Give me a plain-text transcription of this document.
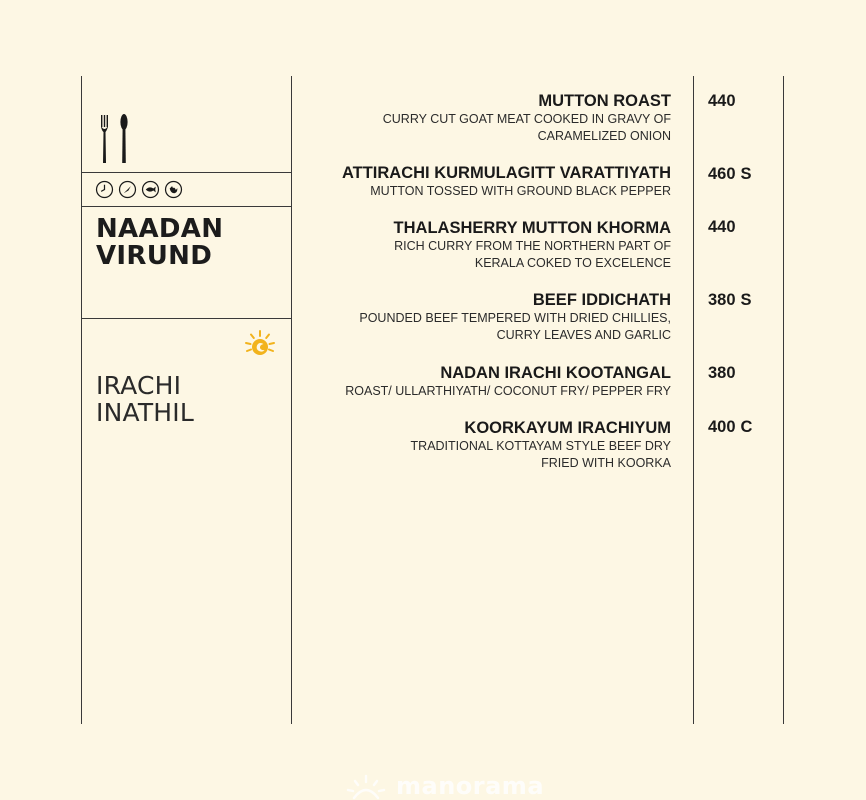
NAADAN
VIRUND
IRACHI
INATHIL
MUTTON ROAST
CURRY CUT GOAT MEAT COOKED IN GRAVY OF
CARAMELIZED ONION
440
ATTIRACHI KURMULAGITT VARATTIYATH
MUTTON TOSSED WITH GROUND BLACK PEPPER
460 S
THALASHERRY MUTTON KHORMA
RICH CURRY FROM THE NORTHERN PART OF
KERALA COKED TO EXCELENCE
440
BEEF IDDICHATH
POUNDED BEEF TEMPERED WITH DRIED CHILLIES,
CURRY LEAVES AND GARLIC
380 S
NADAN IRACHI KOOTANGAL
ROAST/ ULLARTHIYATH/ COCONUT FRY/ PEPPER FRY
380
KOORKAYUM IRACHIYUM
TRADITIONAL KOTTAYAM STYLE BEEF DRY
FRIED WITH KOORKA
400 C
manorama
